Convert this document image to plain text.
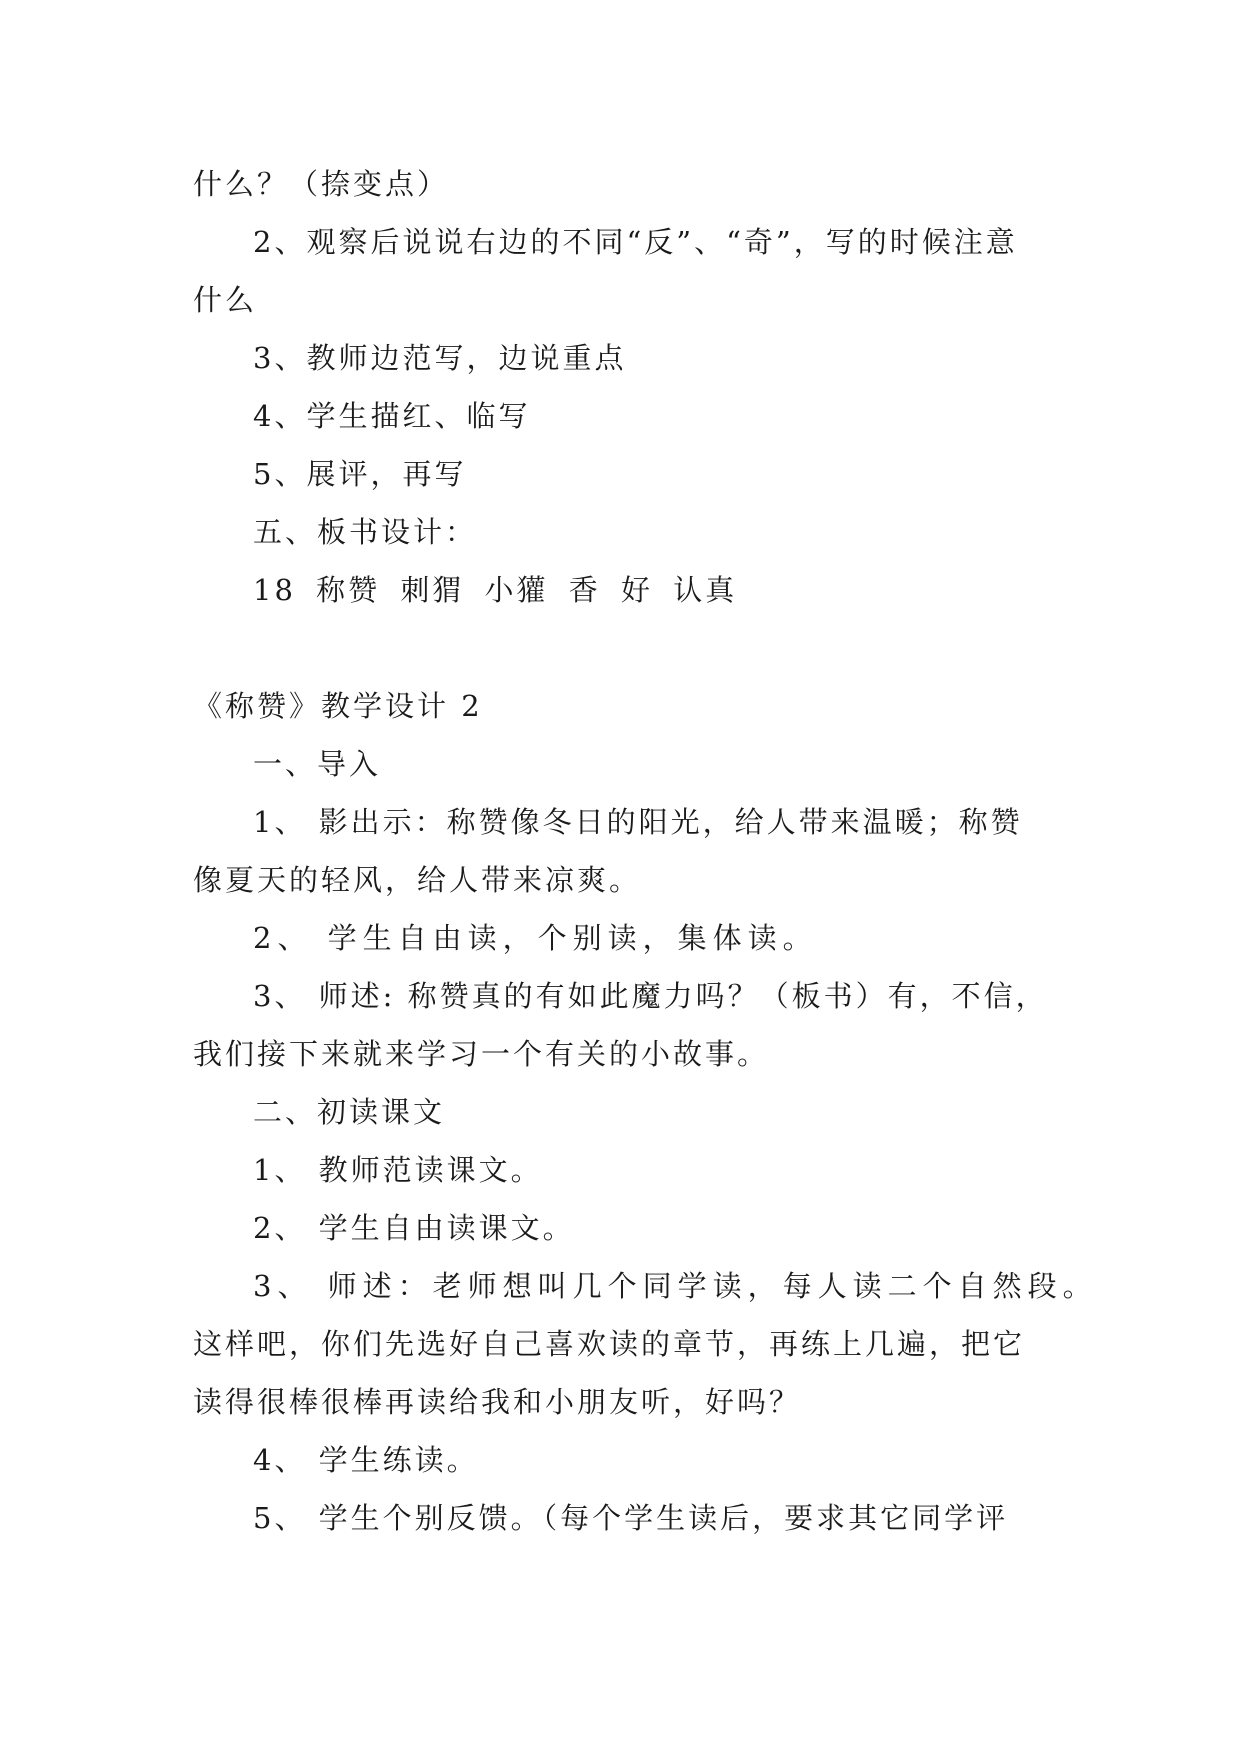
什么？（捺变点）
2、观察后说说右边的不同“反”、“奇”，写的时候注意
什么
3、教师边范写，边说重点
4、学生描红、临写
5、展评，再写
五、板书设计：
18 称赞 刺猬 小獾 香 好 认真
《称赞》教学设计 2
一、导入
1、 影出示：称赞像冬日的阳光，给人带来温暖；称赞
像夏天的轻风，给人带来凉爽。
2、 学生自由读，个别读，集体读。
3、 师述: 称赞真的有如此魔力吗？（板书）有，不信，
我们接下来就来学习一个有关的小故事。
二、初读课文
1、 教师范读课文。
2、 学生自由读课文。
3、 师述：老师想叫几个同学读，每人读二个自然段。
这样吧，你们先选好自己喜欢读的章节，再练上几遍，把它
读得很棒很棒再读给我和小朋友听，好吗？
4、 学生练读。
5、 学生个别反馈。（每个学生读后，要求其它同学评
